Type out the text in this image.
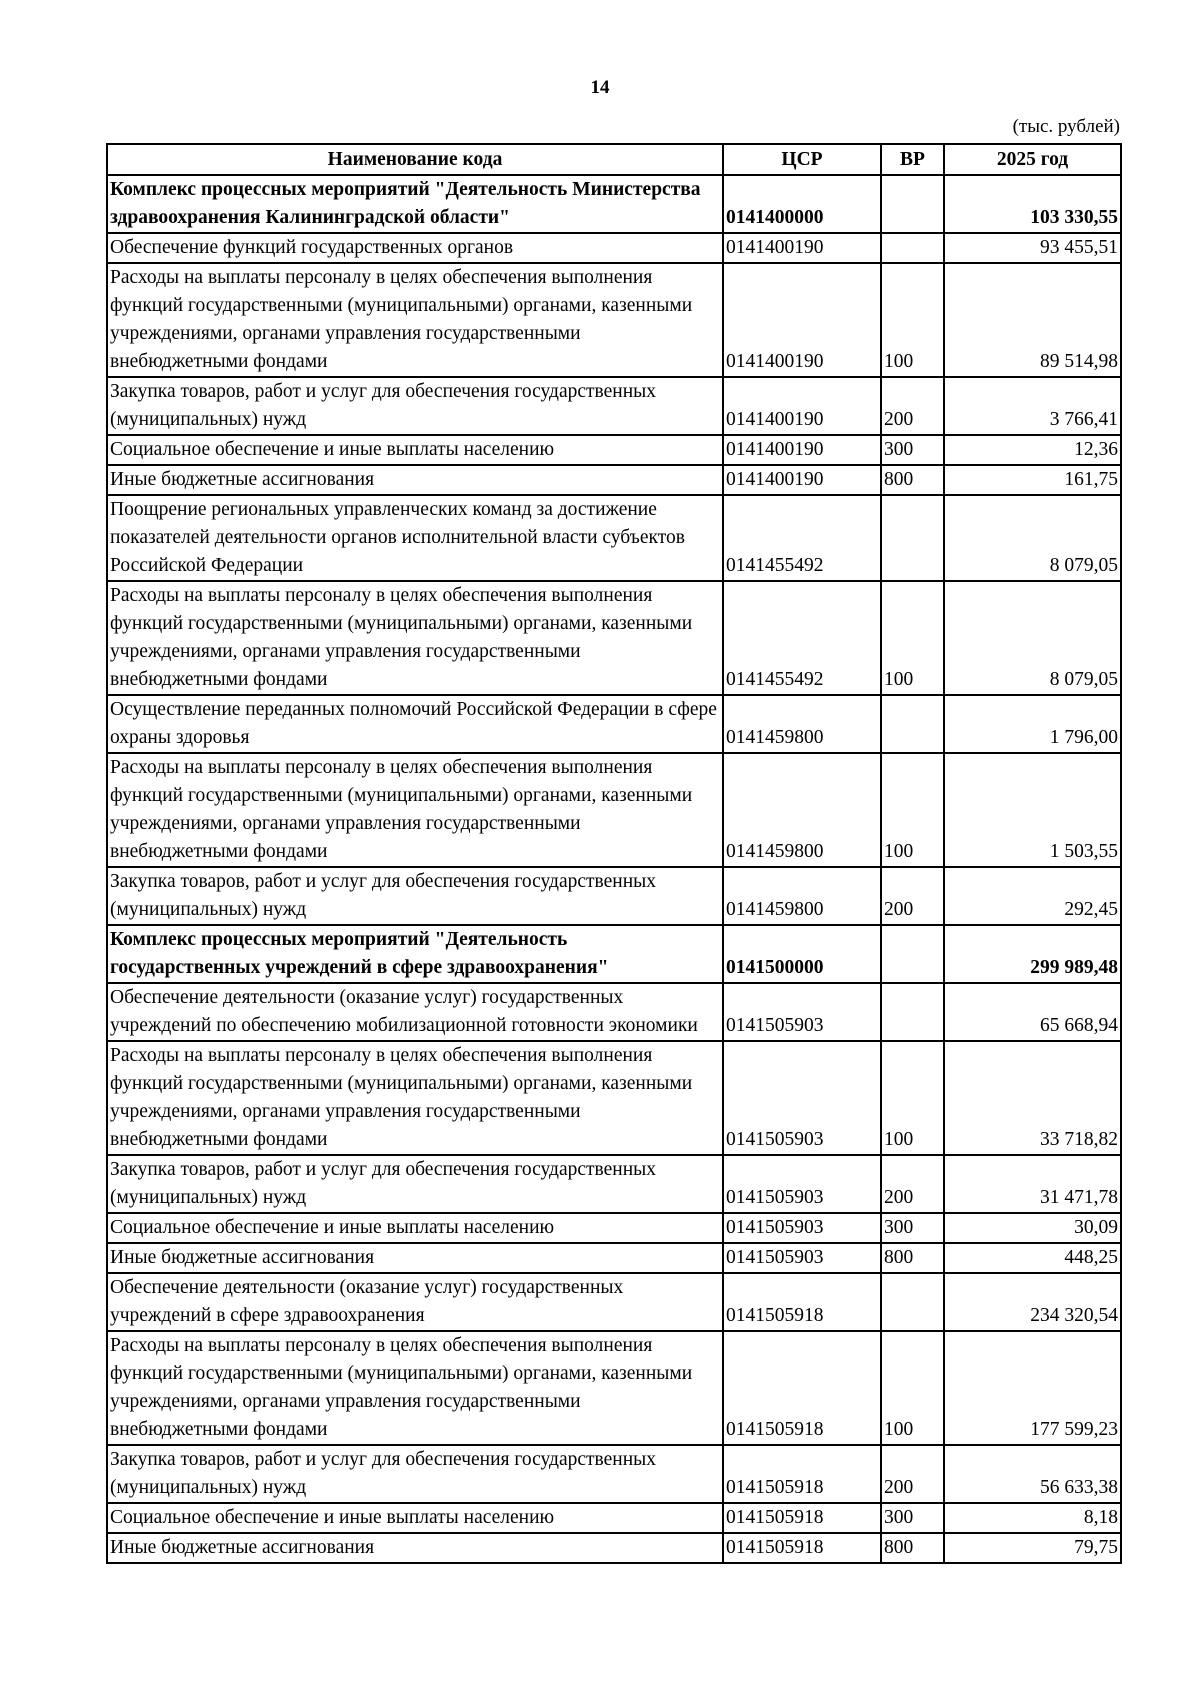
14
(тыс. рублей)
Наименование кода	ЦСР	ВР	2025 год
Комплекс процессных мероприятий "Деятельность Министерства здравоохранения Калининградской области"	0141400000		103 330,55
Обеспечение функций государственных органов	0141400190		93 455,51
Расходы на выплаты персоналу в целях обеспечения выполнения функций государственными (муниципальными) органами, казенными учреждениями, органами управления государственными внебюджетными фондами	0141400190	100	89 514,98
Закупка товаров, работ и услуг для обеспечения государственных (муниципальных) нужд	0141400190	200	3 766,41
Социальное обеспечение и иные выплаты населению	0141400190	300	12,36
Иные бюджетные ассигнования	0141400190	800	161,75
Поощрение региональных управленческих команд за достижение показателей деятельности органов исполнительной власти субъектов Российской Федерации	0141455492		8 079,05
Расходы на выплаты персоналу в целях обеспечения выполнения функций государственными (муниципальными) органами, казенными учреждениями, органами управления государственными внебюджетными фондами	0141455492	100	8 079,05
Осуществление переданных полномочий Российской Федерации в сфере охраны здоровья	0141459800		1 796,00
Расходы на выплаты персоналу в целях обеспечения выполнения функций государственными (муниципальными) органами, казенными учреждениями, органами управления государственными внебюджетными фондами	0141459800	100	1 503,55
Закупка товаров, работ и услуг для обеспечения государственных (муниципальных) нужд	0141459800	200	292,45
Комплекс процессных мероприятий "Деятельность государственных учреждений в сфере здравоохранения"	0141500000		299 989,48
Обеспечение деятельности (оказание услуг) государственных учреждений по обеспечению мобилизационной готовности экономики	0141505903		65 668,94
Расходы на выплаты персоналу в целях обеспечения выполнения функций государственными (муниципальными) органами, казенными учреждениями, органами управления государственными внебюджетными фондами	0141505903	100	33 718,82
Закупка товаров, работ и услуг для обеспечения государственных (муниципальных) нужд	0141505903	200	31 471,78
Социальное обеспечение и иные выплаты населению	0141505903	300	30,09
Иные бюджетные ассигнования	0141505903	800	448,25
Обеспечение деятельности (оказание услуг) государственных учреждений в сфере здравоохранения	0141505918		234 320,54
Расходы на выплаты персоналу в целях обеспечения выполнения функций государственными (муниципальными) органами, казенными учреждениями, органами управления государственными внебюджетными фондами	0141505918	100	177 599,23
Закупка товаров, работ и услуг для обеспечения государственных (муниципальных) нужд	0141505918	200	56 633,38
Социальное обеспечение и иные выплаты населению	0141505918	300	8,18
Иные бюджетные ассигнования	0141505918	800	79,75
